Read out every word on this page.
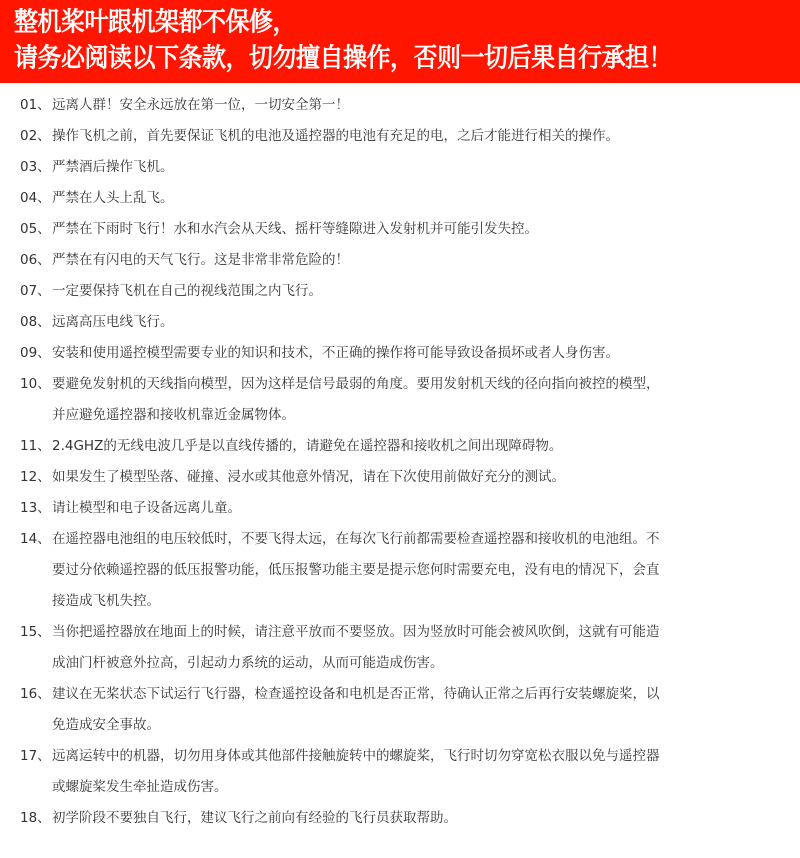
整机桨叶跟机架都不保修，
请务必阅读以下条款，切勿擅自操作，否则一切后果自行承担！
01、 远离人群！安全永远放在第一位，一切安全第一！
02、 操作飞机之前，首先要保证飞机的电池及遥控器的电池有充足的电，之后才能进行相关的操作。
03、 严禁酒后操作飞机。
04、 严禁在人头上乱飞。
05、 严禁在下雨时飞行！水和水汽会从天线、摇杆等缝隙进入发射机并可能引发失控。
06、 严禁在有闪电的天气飞行。这是非常非常危险的！
07、 一定要保持飞机在自己的视线范围之内飞行。
08、 远离高压电线飞行。
09、 安装和使用遥控模型需要专业的知识和技术，不正确的操作将可能导致设备损坏或者人身伤害。
10、 要避免发射机的天线指向模型，因为这样是信号最弱的角度。要用发射机天线的径向指向被控的模型，
并应避免遥控器和接收机靠近金属物体。
11、 2.4GHZ的无线电波几乎是以直线传播的，请避免在遥控器和接收机之间出现障碍物。
12、 如果发生了模型坠落、碰撞、浸水或其他意外情况，请在下次使用前做好充分的测试。
13、 请让模型和电子设备远离儿童。
14、 在遥控器电池组的电压较低时，不要飞得太远，在每次飞行前都需要检查遥控器和接收机的电池组。不
要过分依赖遥控器的低压报警功能，低压报警功能主要是提示您何时需要充电，没有电的情况下，会直
接造成飞机失控。
15、 当你把遥控器放在地面上的时候，请注意平放而不要竖放。因为竖放时可能会被风吹倒，这就有可能造
成油门杆被意外拉高，引起动力系统的运动，从而可能造成伤害。
16、 建议在无桨状态下试运行飞行器，检查遥控设备和电机是否正常，待确认正常之后再行安装螺旋桨，以
免造成安全事故。
17、 远离运转中的机器，切勿用身体或其他部件接触旋转中的螺旋桨，飞行时切勿穿宽松衣服以免与遥控器
或螺旋桨发生牵扯造成伤害。
18、 初学阶段不要独自飞行，建议飞行之前向有经验的飞行员获取帮助。
